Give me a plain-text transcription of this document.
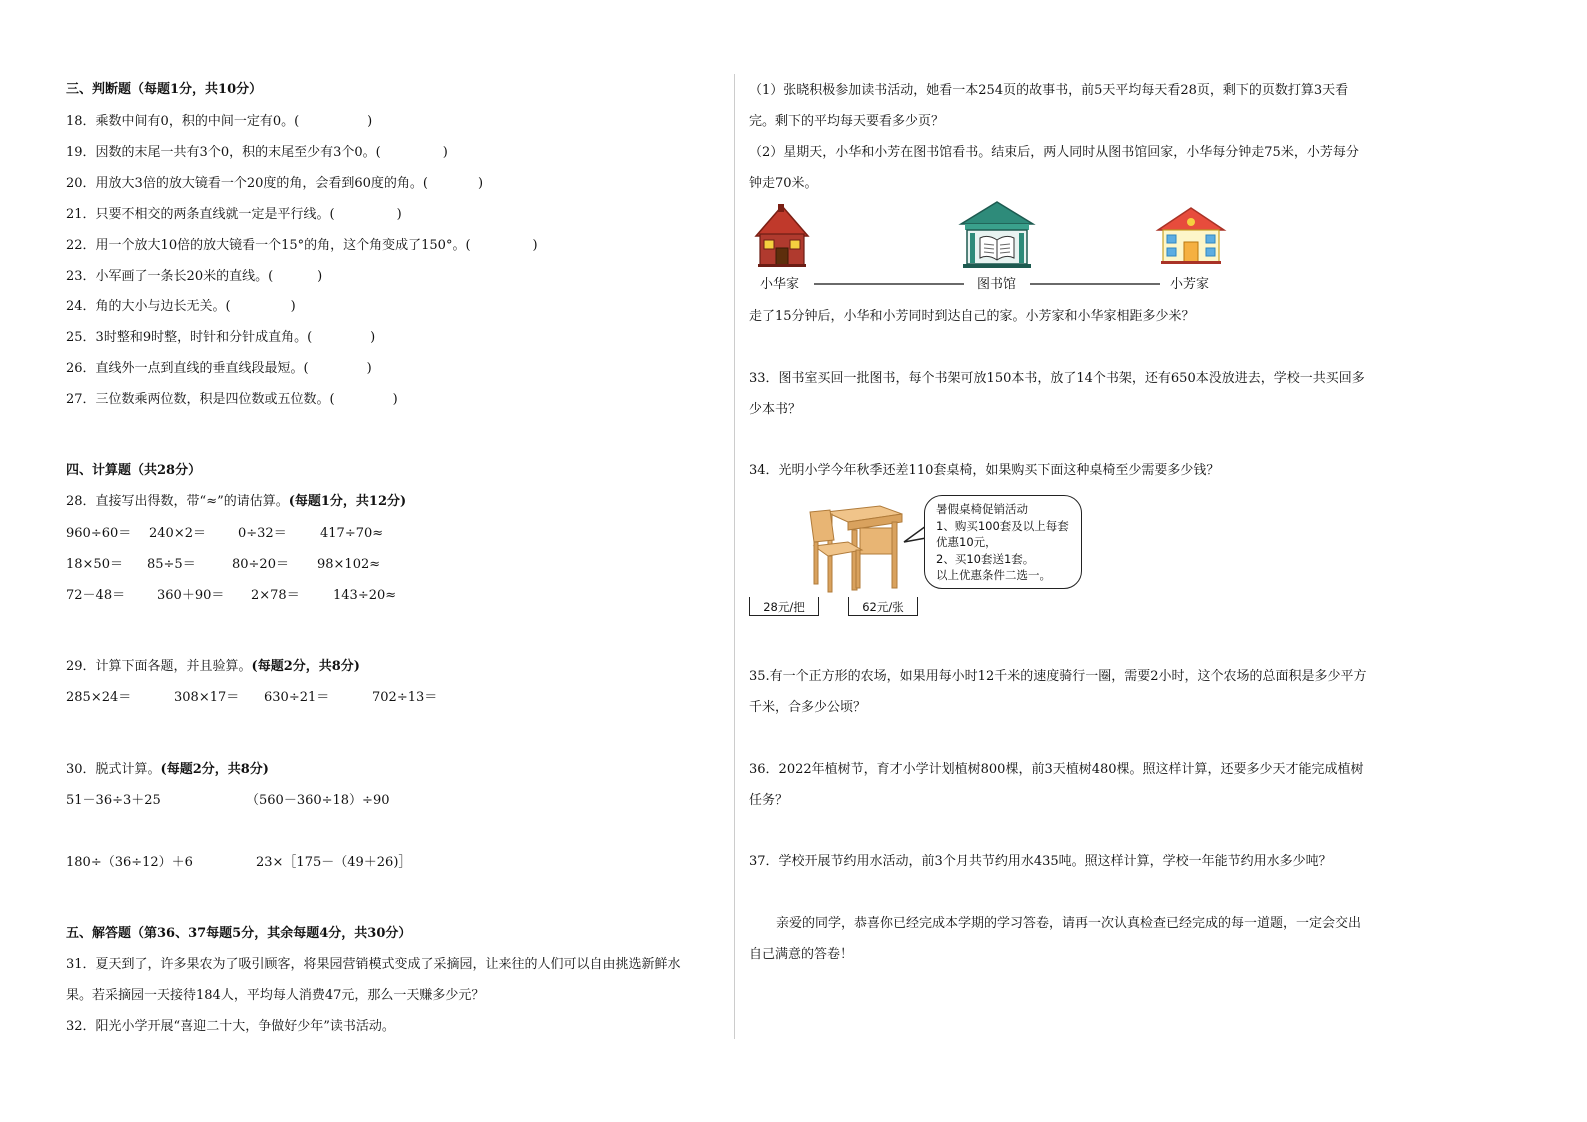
三、判断题（每题1分，共10分）
18．乘数中间有0，积的中间一定有0。(	)
19．因数的末尾一共有3个0，积的末尾至少有3个0。(	)
20．用放大3倍的放大镜看一个20度的角，会看到60度的角。(	)
21．只要不相交的两条直线就一定是平行线。(	)
22．用一个放大10倍的放大镜看一个15°的角，这个角变成了150°。(	)
23．小军画了一条长20米的直线。(	)
24．角的大小与边长无关。(	)
25．3时整和9时整，时针和分针成直角。(	)
26．直线外一点到直线的垂直线段最短。(	)
27．三位数乘两位数，积是四位数或五位数。(	)
四、计算题（共28分）
28．直接写出得数，带“≈”的请估算。(每题1分，共12分)
960÷60＝ 240×2＝ 0÷32＝	417÷70≈
18×50＝ 85÷5＝	80÷20＝ 98×102≈
72－48＝ 360＋90＝ 2×78＝	143÷20≈
29．计算下面各题，并且验算。(每题2分，共8分)
285×24＝	308×17＝ 630÷21＝	702÷13＝
30．脱式计算。(每题2分，共8分)
51－36÷3＋25	（560－360÷18）÷90
180÷（36÷12）＋6	23×［175－（49＋26)］
五、解答题（第36、37每题5分，其余每题4分，共30分）
31．夏天到了，许多果农为了吸引顾客，将果园营销模式变成了采摘园，让来往的人们可以自由挑选新鲜水
果。若采摘园一天接待184人，平均每人消费47元，那么一天赚多少元？
32．阳光小学开展“喜迎二十大，争做好少年”读书活动。
（1）张晓积极参加读书活动，她看一本254页的故事书，前5天平均每天看28页，剩下的页数打算3天看
完。剩下的平均每天要看多少页？
（2）星期天，小华和小芳在图书馆看书。结束后，两人同时从图书馆回家，小华每分钟走75米，小芳每分
钟走70米。
小华家	图书馆	小芳家
走了15分钟后，小华和小芳同时到达自己的家。小芳家和小华家相距多少米？
33．图书室买回一批图书，每个书架可放150本书，放了14个书架，还有650本没放进去，学校一共买回多
少本书？
34．光明小学今年秋季还差110套桌椅，如果购买下面这种桌椅至少需要多少钱？
暑假桌椅促销活动
1、购买100套及以上每套
优惠10元，
2、买10套送1套。
以上优惠条件二选一。
28元/把	62元/张
35.有一个正方形的农场，如果用每小时12千米的速度骑行一圈，需要2小时，这个农场的总面积是多少平方
千米，合多少公顷？
36．2022年植树节，育才小学计划植树800棵，前3天植树480棵。照这样计算，还要多少天才能完成植树
任务？
37．学校开展节约用水活动，前3个月共节约用水435吨。照这样计算，学校一年能节约用水多少吨？
亲爱的同学，恭喜你已经完成本学期的学习答卷，请再一次认真检查已经完成的每一道题，一定会交出
自己满意的答卷！
